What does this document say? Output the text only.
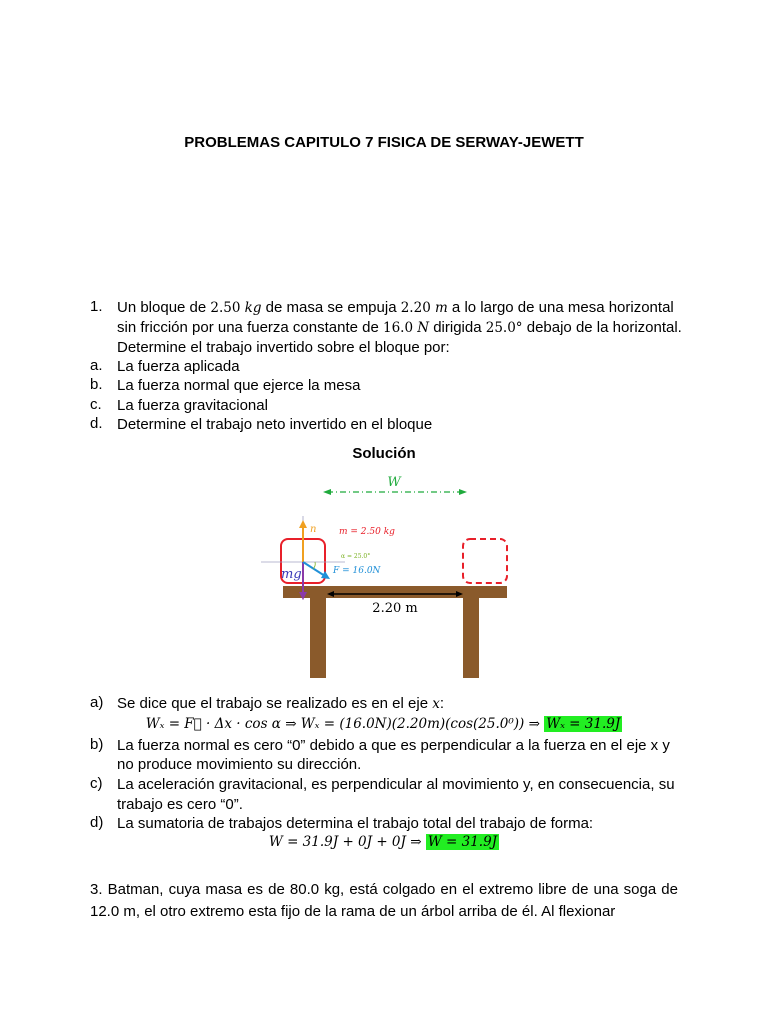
PROBLEMAS CAPITULO 7 FISICA DE SERWAY-JEWETT
1. Un bloque de 2.50 kg de masa se empuja 2.20 m a lo largo de una mesa horizontal
sin fricción por una fuerza constante de 16.0 N dirigida 25.0° debajo de la horizontal.
Determine el trabajo invertido sobre el bloque por:
a. La fuerza aplicada
b. La fuerza normal que ejerce la mesa
c. La fuerza gravitacional
d. Determine el trabajo neto invertido en el bloque
Solución
W
2.20 m
n	m = 2.50 kg
mg	F = 16.0N
α = 25.0°
a) Se dice que el trabajo se realizado es en el eje x:
Wₓ = F⃗ · Δx · cos α ⇒ Wₓ = (16.0N)(2.20m)(cos(25.0⁰)) ⇒ Wₓ = 31.9J
b) La fuerza normal es cero “0” debido a que es perpendicular a la fuerza en el eje x y
no produce movimiento su dirección.
c) La aceleración gravitacional, es perpendicular al movimiento y, en consecuencia, su
trabajo es cero “0”.
d) La sumatoria de trabajos determina el trabajo total del trabajo de forma:
W = 31.9J + 0J + 0J ⇒ W = 31.9J
3. Batman, cuya masa es de 80.0 kg, está colgado en el extremo libre de una soga de 12.0 m, el otro extremo esta fijo de la rama de un árbol arriba de él. Al flexionar
